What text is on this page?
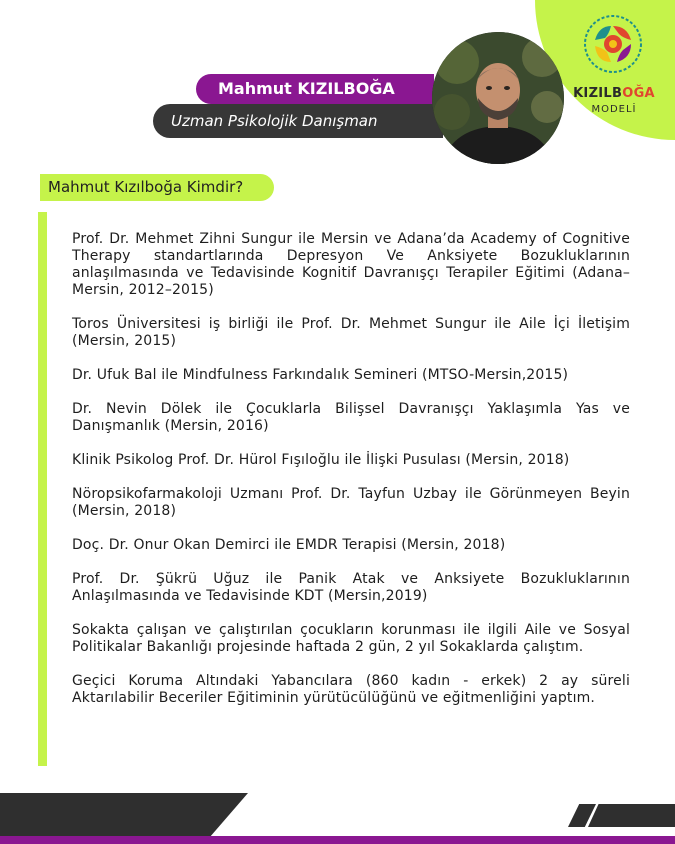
KIZILBOĞA
MODELİ
Mahmut KIZILBOĞA
Uzman Psikolojik Danışman
Mahmut Kızılboğa Kimdir?

Prof. Dr. Mehmet Zihni Sungur ile Mersin ve Adana’da Academy of Cognitive Therapy standartlarında Depresyon Ve Anksiyete Bozukluklarının anlaşılmasında ve Tedavisinde Kognitif Davranışçı Terapiler Eğitimi (Adana–Mersin, 2012–2015)

Toros Üniversitesi iş birliği ile Prof. Dr. Mehmet Sungur ile Aile İçi İletişim (Mersin, 2015)

Dr. Ufuk Bal ile Mindfulness Farkındalık Semineri (MTSO-Mersin,2015)

Dr. Nevin Dölek ile Çocuklarla Bilişsel Davranışçı Yaklaşımla Yas ve Danışmanlık (Mersin, 2016)

Klinik Psikolog Prof. Dr. Hürol Fışıloğlu ile İlişki Pusulası (Mersin, 2018)

Nöropsikofarmakoloji Uzmanı Prof. Dr. Tayfun Uzbay ile Görünmeyen Beyin (Mersin, 2018)

Doç. Dr. Onur Okan Demirci ile EMDR Terapisi (Mersin, 2018)

Prof. Dr. Şükrü Uğuz ile Panik Atak ve Anksiyete Bozukluklarının Anlaşılmasında ve Tedavisinde KDT (Mersin,2019)

Sokakta çalışan ve çalıştırılan çocukların korunması ile ilgili Aile ve Sosyal Politikalar Bakanlığı projesinde haftada 2 gün, 2 yıl Sokaklarda çalıştım.

Geçici Koruma Altındaki Yabancılara (860 kadın - erkek) 2 ay süreli Aktarılabilir Beceriler Eğitiminin yürütücülüğünü ve eğitmenliğini yaptım.
